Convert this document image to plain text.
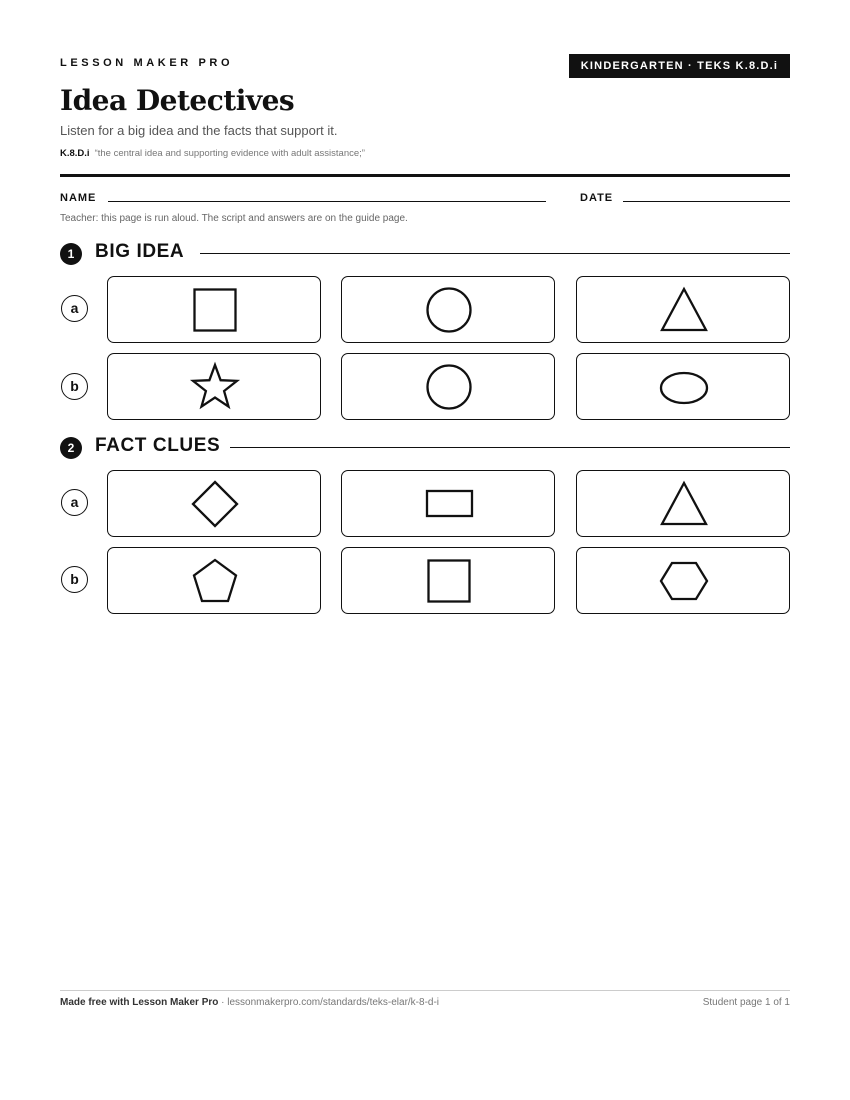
LESSON MAKER PRO	KINDERGARTEN · TEKS K.8.D.i
Idea Detectives
Listen for a big idea and the facts that support it.
K.8.D.i “the central idea and supporting evidence with adult assistance;”
NAME	DATE
Teacher: this page is run aloud. The script and answers are on the guide page.
1	BIG IDEA
a
b
2	FACT CLUES
a
b
Made free with Lesson Maker Pro · lessonmakerpro.com/standards/teks-elar/k-8-d-i	Student page 1 of 1
